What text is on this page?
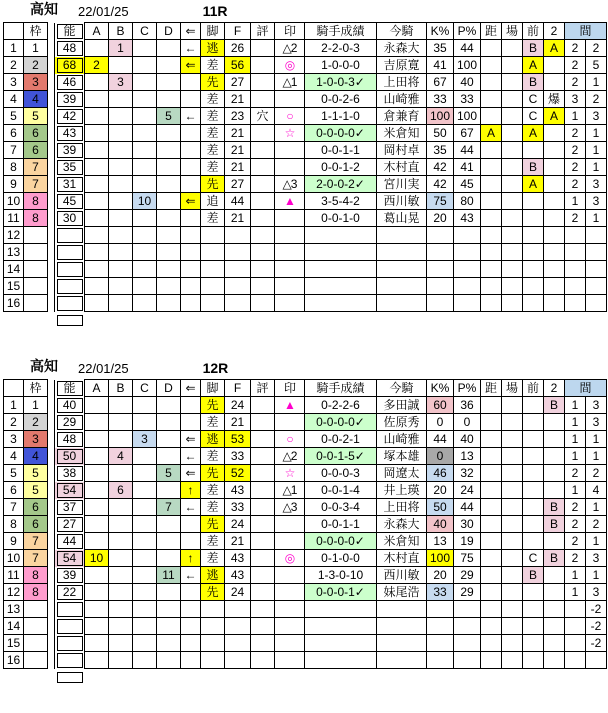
高知 22/01/25	11R
	枠		能	A	B	C	D	⇐	脚	F	評	印	騎手成績	今騎	K%	P%	距	場	前	2	間	
1	1		48		1			←	逃	26		△2	2-2-0-3	永森大	35	44			B	A	2	2
2	2		68	2				⇐	差	56		◎	1-0-0-0	吉原寛	41	100			A		2	5
3	3		46		3				先	27		△1	1-0-0-3✓	上田将	67	40			B		2	1
4	4		39						差	21			0-0-2-6	山崎雅	33	33			C	爆	3	2
5	5		42				5	←	差	23	穴	○	1-1-1-0	倉兼育	100	100			C	A	1	3
6	6		43						差	21		☆	0-0-0-0✓	米倉知	50	67	A		A		2	1
7	6		39						差	21			0-0-1-1	岡村卓	35	44					2	1
8	7		35						差	21			0-0-1-2	木村直	42	41			B		2	1
9	7		31						先	27		△3	2-0-0-2✓	宮川実	42	45			A		2	3
10	8		45			10		⇐	追	44		▲	3-5-4-2	西川敏	75	80					1	3
11	8		30						差	21			0-0-1-0	葛山晃	20	43					2	1
12																						
13																						
14																						
15																						
16																						

高知 22/01/25	12R
	枠		能	A	B	C	D	⇐	脚	F	評	印	騎手成績	今騎	K%	P%	距	場	前	2	間	
1	1		40						先	24		▲	0-2-2-6	多田誠	60	36				B	1	3
2	2		29						差	21			0-0-0-0✓	佐原秀	0	0					1	3
3	3		48			3		⇐	逃	53		○	0-0-2-1	山崎雅	44	40					1	1
4	4		50		4			←	差	33		△2	0-0-1-5✓	塚本雄	0	13					1	1
5	5		38				5	⇐	先	52		☆	0-0-0-3	岡遼太	46	32					2	2
6	5		54		6			↑	差	43		△1	0-0-1-4	井上瑛	20	24					1	4
7	6		37				7	←	差	33		△3	0-0-3-4	上田将	50	44				B	2	1
8	6		27						先	24			0-0-1-1	永森大	40	30				B	2	2
9	7		44						差	21			0-0-0-0✓	米倉知	13	19					2	1
10	7		54	10				↑	差	43		◎	0-1-0-0	木村直	100	75			C	B	2	3
11	8		39				11	←	逃	43			1-3-0-10	西川敏	20	29			B		1	1
12	8		22						先	24			0-0-0-1✓	妹尾浩	33	29					1	3
13																						-2
14																						-2
15																						-2
16																						
